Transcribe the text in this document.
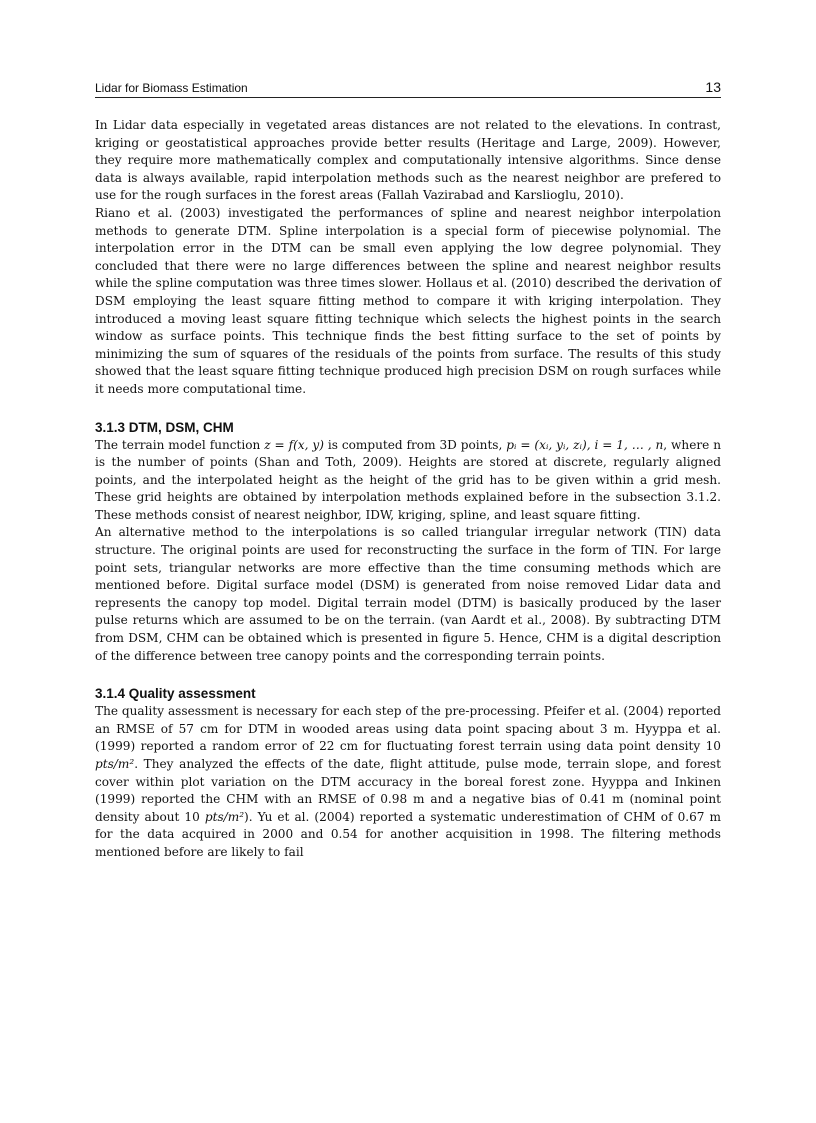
Lidar for Biomass Estimation	13

In Lidar data especially in vegetated areas distances are not related to the elevations. In contrast, kriging or geostatistical approaches provide better results (Heritage and Large, 2009). However, they require more mathematically complex and computationally intensive algorithms. Since dense data is always available, rapid interpolation methods such as the nearest neighbor are prefered to use for the rough surfaces in the forest areas (Fallah Vazirabad and Karslioglu, 2010).

Riano et al. (2003) investigated the performances of spline and nearest neighbor interpolation methods to generate DTM. Spline interpolation is a special form of piecewise polynomial. The interpolation error in the DTM can be small even applying the low degree polynomial. They concluded that there were no large differences between the spline and nearest neighbor results while the spline computation was three times slower. Hollaus et al. (2010) described the derivation of DSM employing the least square fitting method to compare it with kriging interpolation. They introduced a moving least square fitting technique which selects the highest points in the search window as surface points. This technique finds the best fitting surface to the set of points by minimizing the sum of squares of the residuals of the points from surface. The results of this study showed that the least square fitting technique produced high precision DSM on rough surfaces while it needs more computational time.

3.1.3 DTM, DSM, CHM

The terrain model function z = f(x, y) is computed from 3D points, pᵢ = (xᵢ, yᵢ, zᵢ), i = 1, … , n, where n is the number of points (Shan and Toth, 2009). Heights are stored at discrete, regularly aligned points, and the interpolated height as the height of the grid has to be given within a grid mesh. These grid heights are obtained by interpolation methods explained before in the subsection 3.1.2. These methods consist of nearest neighbor, IDW, kriging, spline, and least square fitting.

An alternative method to the interpolations is so called triangular irregular network (TIN) data structure. The original points are used for reconstructing the surface in the form of TIN. For large point sets, triangular networks are more effective than the time consuming methods which are mentioned before. Digital surface model (DSM) is generated from noise removed Lidar data and represents the canopy top model. Digital terrain model (DTM) is basically produced by the laser pulse returns which are assumed to be on the terrain. (van Aardt et al., 2008). By subtracting DTM from DSM, CHM can be obtained which is presented in figure 5. Hence, CHM is a digital description of the difference between tree canopy points and the corresponding terrain points.

3.1.4 Quality assessment

The quality assessment is necessary for each step of the pre-processing. Pfeifer et al. (2004) reported an RMSE of 57 cm for DTM in wooded areas using data point spacing about 3 m. Hyyppa et al. (1999) reported a random error of 22 cm for fluctuating forest terrain using data point density 10 pts/m². They analyzed the effects of the date, flight attitude, pulse mode, terrain slope, and forest cover within plot variation on the DTM accuracy in the boreal forest zone. Hyyppa and Inkinen (1999) reported the CHM with an RMSE of 0.98 m and a negative bias of 0.41 m (nominal point density about 10 pts/m²). Yu et al. (2004) reported a systematic underestimation of CHM of 0.67 m for the data acquired in 2000 and 0.54 for another acquisition in 1998. The filtering methods mentioned before are likely to fail
